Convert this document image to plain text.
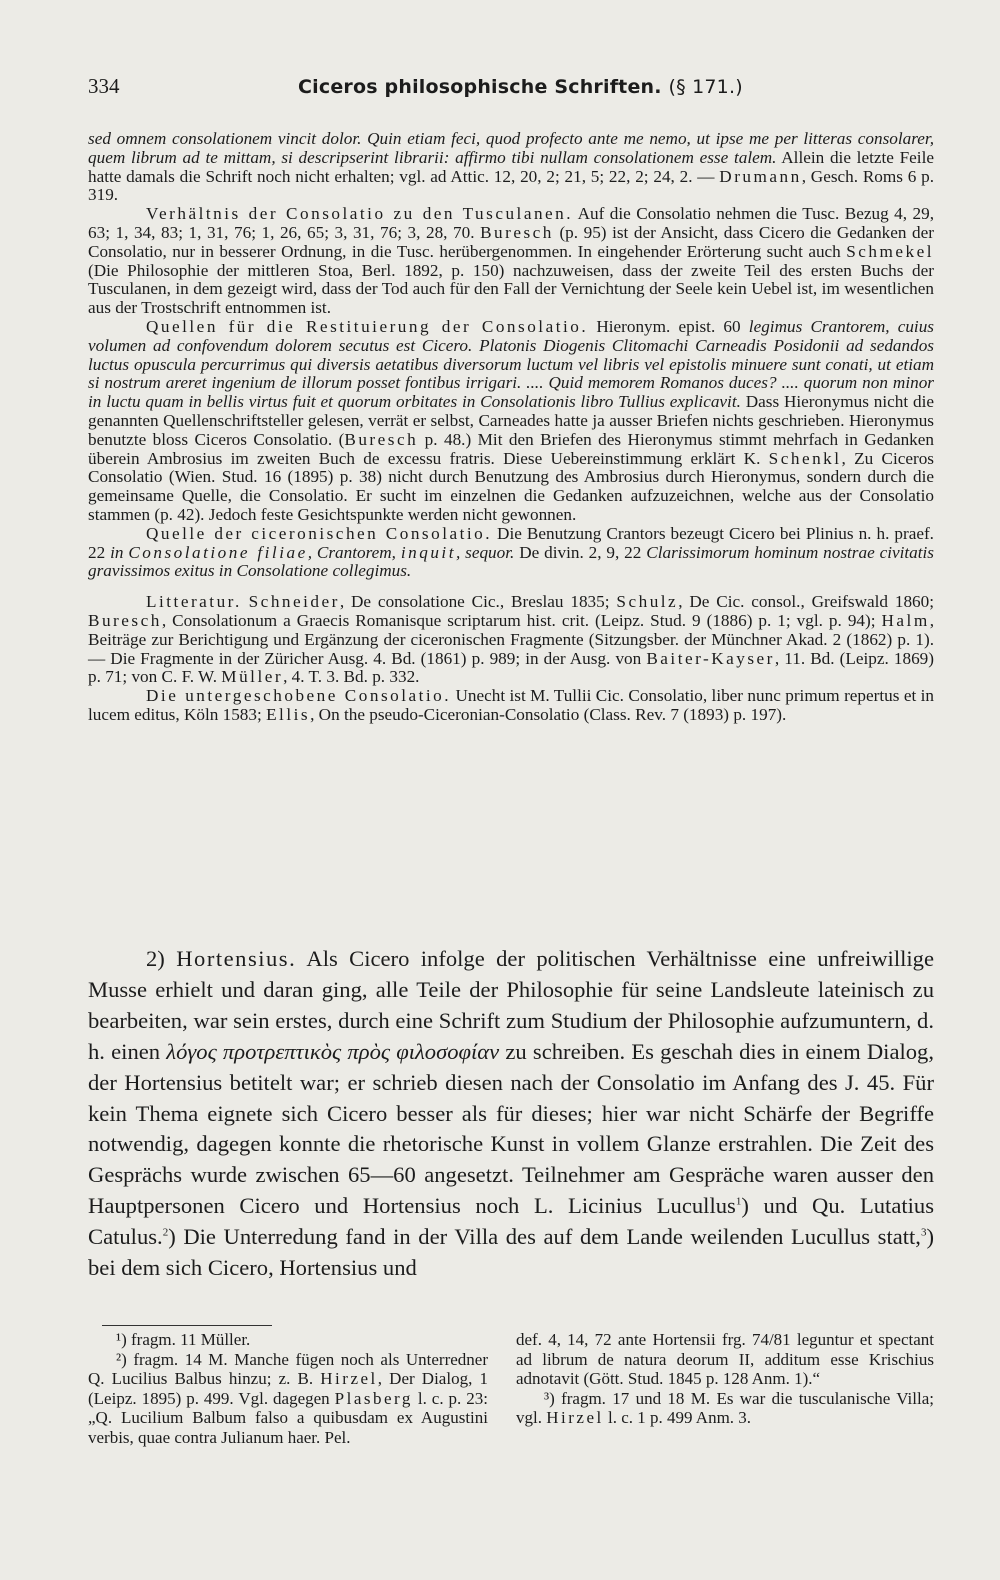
334	Ciceros philosophische Schriften. (§ 171.)

sed omnem consolationem vincit dolor. Quin etiam feci, quod profecto ante me nemo, ut ipse me per litteras consolarer, quem librum ad te mittam, si descripserint librarii: affirmo tibi nullam consolationem esse talem. Allein die letzte Feile hatte damals die Schrift noch nicht erhalten; vgl. ad Attic. 12, 20, 2; 21, 5; 22, 2; 24, 2. — Drumann, Gesch. Roms 6 p. 319.

Verhältnis der Consolatio zu den Tusculanen. Auf die Consolatio nehmen die Tusc. Bezug 4, 29, 63; 1, 34, 83; 1, 31, 76; 1, 26, 65; 3, 31, 76; 3, 28, 70. Buresch (p. 95) ist der Ansicht, dass Cicero die Gedanken der Consolatio, nur in besserer Ordnung, in die Tusc. herübergenommen. In eingehender Erörterung sucht auch Schmekel (Die Philosophie der mittleren Stoa, Berl. 1892, p. 150) nachzuweisen, dass der zweite Teil des ersten Buchs der Tusculanen, in dem gezeigt wird, dass der Tod auch für den Fall der Vernichtung der Seele kein Uebel ist, im wesentlichen aus der Trostschrift entnommen ist.

Quellen für die Restituierung der Consolatio. Hieronym. epist. 60 legimus Crantorem, cuius volumen ad confovendum dolorem secutus est Cicero. Platonis Diogenis Clitomachi Carneadis Posidonii ad sedandos luctus opuscula percurrimus qui diversis aetatibus diversorum luctum vel libris vel epistolis minuere sunt conati, ut etiam si nostrum areret ingenium de illorum posset fontibus irrigari. .... Quid memorem Romanos duces? .... quorum non minor in luctu quam in bellis virtus fuit et quorum orbitates in Consolationis libro Tullius explicavit. Dass Hieronymus nicht die genannten Quellenschriftsteller gelesen, verrät er selbst, Carneades hatte ja ausser Briefen nichts geschrieben. Hieronymus benutzte bloss Ciceros Consolatio. (Buresch p. 48.) Mit den Briefen des Hieronymus stimmt mehrfach in Gedanken überein Ambrosius im zweiten Buch de excessu fratris. Diese Uebereinstimmung erklärt K. Schenkl, Zu Ciceros Consolatio (Wien. Stud. 16 (1895) p. 38) nicht durch Benutzung des Ambrosius durch Hieronymus, sondern durch die gemeinsame Quelle, die Consolatio. Er sucht im einzelnen die Gedanken aufzuzeichnen, welche aus der Consolatio stammen (p. 42). Jedoch feste Gesichtspunkte werden nicht gewonnen.

Quelle der ciceronischen Consolatio. Die Benutzung Crantors bezeugt Cicero bei Plinius n. h. praef. 22 in Consolatione filiae, Crantorem, inquit, sequor. De divin. 2, 9, 22 Clarissimorum hominum nostrae civitatis gravissimos exitus in Consolatione collegimus.

Litteratur. Schneider, De consolatione Cic., Breslau 1835; Schulz, De Cic. consol., Greifswald 1860; Buresch, Consolationum a Graecis Romanisque scriptarum hist. crit. (Leipz. Stud. 9 (1886) p. 1; vgl. p. 94); Halm, Beiträge zur Berichtigung und Ergänzung der ciceronischen Fragmente (Sitzungsber. der Münchner Akad. 2 (1862) p. 1). — Die Fragmente in der Züricher Ausg. 4. Bd. (1861) p. 989; in der Ausg. von Baiter-Kayser, 11. Bd. (Leipz. 1869) p. 71; von C. F. W. Müller, 4. T. 3. Bd. p. 332.

Die untergeschobene Consolatio. Unecht ist M. Tullii Cic. Consolatio, liber nunc primum repertus et in lucem editus, Köln 1583; Ellis, On the pseudo-Ciceronian-Consolatio (Class. Rev. 7 (1893) p. 197).

2) Hortensius. Als Cicero infolge der politischen Verhältnisse eine unfreiwillige Musse erhielt und daran ging, alle Teile der Philosophie für seine Landsleute lateinisch zu bearbeiten, war sein erstes, durch eine Schrift zum Studium der Philosophie aufzumuntern, d. h. einen λόγος προτρεπτικὸς πρὸς φιλοσοφίαν zu schreiben. Es geschah dies in einem Dialog, der Hortensius betitelt war; er schrieb diesen nach der Consolatio im Anfang des J. 45. Für kein Thema eignete sich Cicero besser als für dieses; hier war nicht Schärfe der Begriffe notwendig, dagegen konnte die rhetorische Kunst in vollem Glanze erstrahlen. Die Zeit des Gesprächs wurde zwischen 65—60 angesetzt. Teilnehmer am Gespräche waren ausser den Hauptpersonen Cicero und Hortensius noch L. Licinius Lucullus$^1$) und Qu. Lutatius Catulus.$^2$) Die Unterredung fand in der Villa des auf dem Lande weilenden Lucullus statt,$^3$) bei dem sich Cicero, Hortensius und

¹) fragm. 11 Müller.

²) fragm. 14 M. Manche fügen noch als Unterredner Q. Lucilius Balbus hinzu; z. B. Hirzel, Der Dialog, 1 (Leipz. 1895) p. 499. Vgl. dagegen Plasberg l. c. p. 23: „Q. Lucilium Balbum falso a quibusdam ex Augustini verbis, quae contra Julianum haer. Pel.

def. 4, 14, 72 ante Hortensii frg. 74/81 leguntur et spectant ad librum de natura deorum II, additum esse Krischius adnotavit (Gött. Stud. 1845 p. 128 Anm. 1).“

³) fragm. 17 und 18 M. Es war die tusculanische Villa; vgl. Hirzel l. c. 1 p. 499 Anm. 3.
